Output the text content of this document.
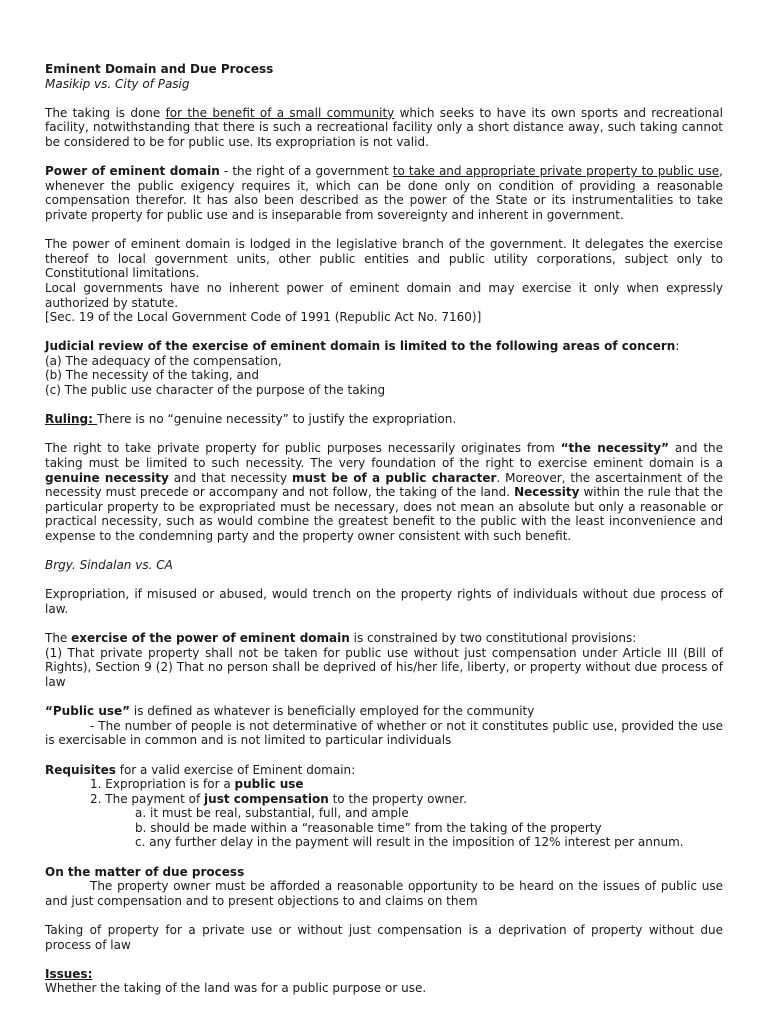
Eminent Domain and Due Process

Masikip vs. City of Pasig

The taking is done for the benefit of a small community which seeks to have its own sports and recreational facility, notwithstanding that there is such a recreational facility only a short distance away, such taking cannot be considered to be for public use. Its expropriation is not valid.

Power of eminent domain - the right of a government to take and appropriate private property to public use, whenever the public exigency requires it, which can be done only on condition of providing a reasonable compensation therefor. It has also been described as the power of the State or its instrumentalities to take private property for public use and is inseparable from sovereignty and inherent in government.

The power of eminent domain is lodged in the legislative branch of the government. It delegates the exercise thereof to local government units, other public entities and public utility corporations, subject only to Constitutional limitations.

Local governments have no inherent power of eminent domain and may exercise it only when expressly authorized by statute.

[Sec. 19 of the Local Government Code of 1991 (Republic Act No. 7160)]

Judicial review of the exercise of eminent domain is limited to the following areas of concern:

(a) The adequacy of the compensation,

(b) The necessity of the taking, and

(c) The public use character of the purpose of the taking

Ruling: There is no “genuine necessity” to justify the expropriation.

The right to take private property for public purposes necessarily originates from “the necessity” and the taking must be limited to such necessity. The very foundation of the right to exercise eminent domain is a genuine necessity and that necessity must be of a public character. Moreover, the ascertainment of the necessity must precede or accompany and not follow, the taking of the land. Necessity within the rule that the particular property to be expropriated must be necessary, does not mean an absolute but only a reasonable or practical necessity, such as would combine the greatest benefit to the public with the least inconvenience and expense to the condemning party and the property owner consistent with such benefit.

Brgy. Sindalan vs. CA

Expropriation, if misused or abused, would trench on the property rights of individuals without due process of law.

The exercise of the power of eminent domain is constrained by two constitutional provisions:

(1) That private property shall not be taken for public use without just compensation under Article III (Bill of Rights), Section 9 (2) That no person shall be deprived of his/her life, liberty, or property without due process of law

“Public use” is defined as whatever is beneficially employed for the community

- The number of people is not determinative of whether or not it constitutes public use, provided the use is exercisable in common and is not limited to particular individuals

Requisites for a valid exercise of Eminent domain:

1. Expropriation is for a public use

2. The payment of just compensation to the property owner.

a. it must be real, substantial, full, and ample

b. should be made within a “reasonable time” from the taking of the property

c. any further delay in the payment will result in the imposition of 12% interest per annum.

On the matter of due process

The property owner must be afforded a reasonable opportunity to be heard on the issues of public use and just compensation and to present objections to and claims on them

Taking of property for a private use or without just compensation is a deprivation of property without due process of law

Issues:

Whether the taking of the land was for a public purpose or use.
